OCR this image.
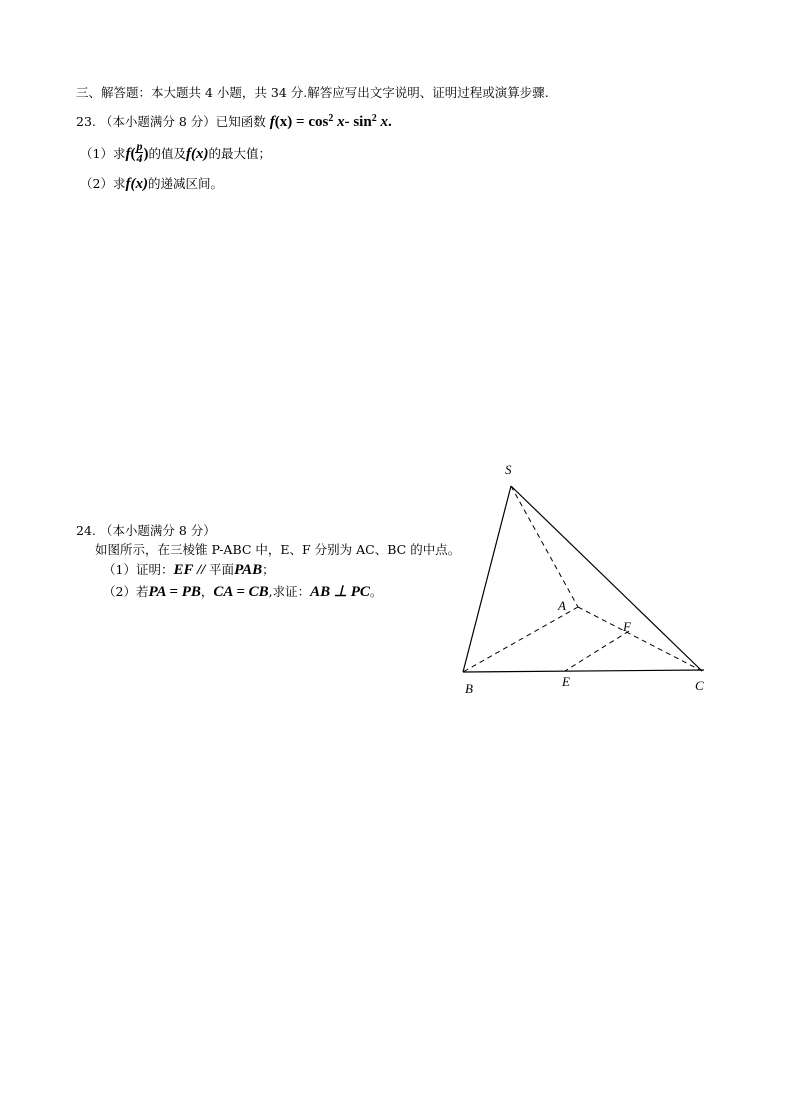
三、解答题：本大题共 4 小题，共 34 分.解答应写出文字说明、证明过程或演算步骤.
23. （本小题满分 8 分）已知函数 $f(x) = \cos^2 x-$ $\sin^2 x$.
（1）求$f( \frac{p}{4}$ )的值及f(x)的最大值；
（2）求f(x)的递减区间。
24. （本小题满分 8 分）
如图所示，在三棱锥 P-ABC 中，E、F 分别为 AC、BC 的中点。
（1）证明：EF // 平面PAB；
（2）若PA = PB，CA = CB,求证：AB ⊥ PC。
S
A
F
B	E	C
